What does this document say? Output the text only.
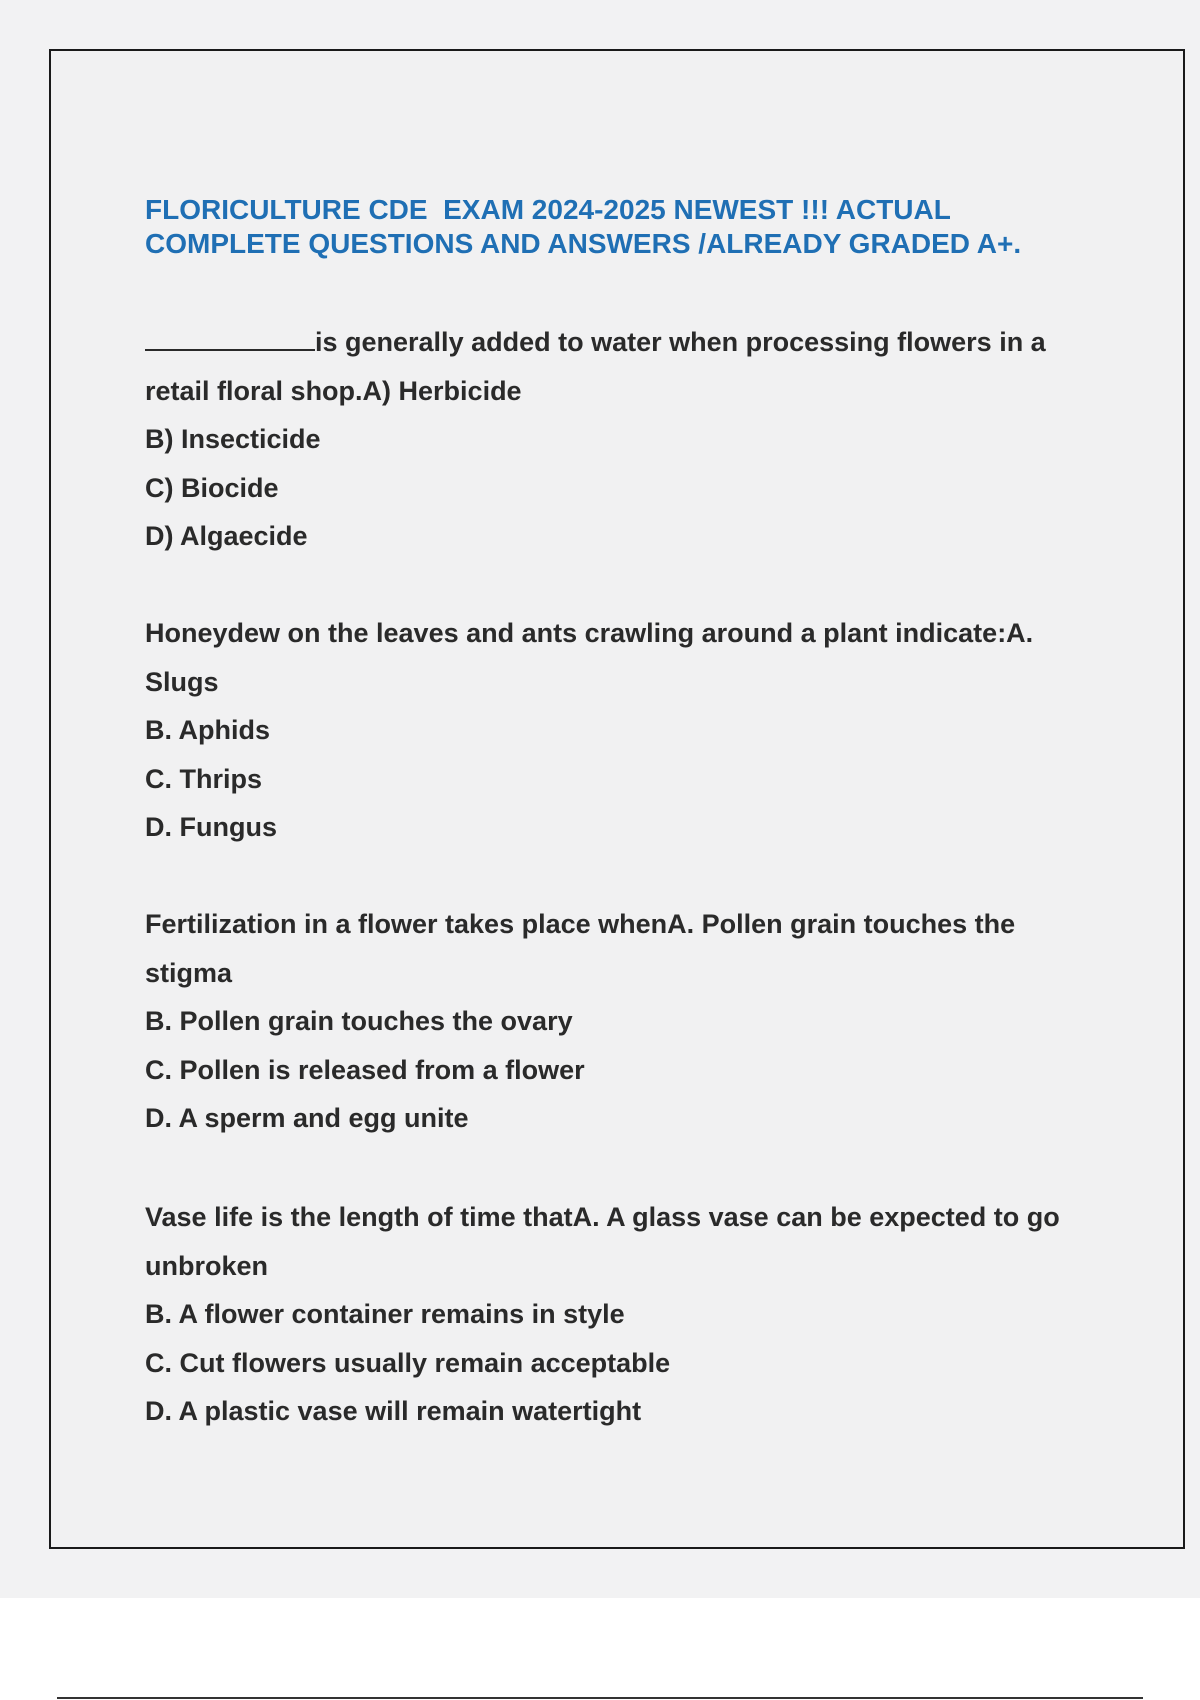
FLORICULTURE CDE  EXAM 2024-2025 NEWEST !!! ACTUAL
COMPLETE QUESTIONS AND ANSWERS /ALREADY GRADED A+.

is generally added to water when processing flowers in a retail floral shop.A) Herbicide

B) Insecticide

C) Biocide

D) Algaecide

Honeydew on the leaves and ants crawling around a plant indicate:A. Slugs

B. Aphids

C. Thrips

D. Fungus

Fertilization in a flower takes place whenA. Pollen grain touches the stigma

B. Pollen grain touches the ovary

C. Pollen is released from a flower

D. A sperm and egg unite

Vase life is the length of time thatA. A glass vase can be expected to go unbroken

B. A flower container remains in style

C. Cut flowers usually remain acceptable

D. A plastic vase will remain watertight
